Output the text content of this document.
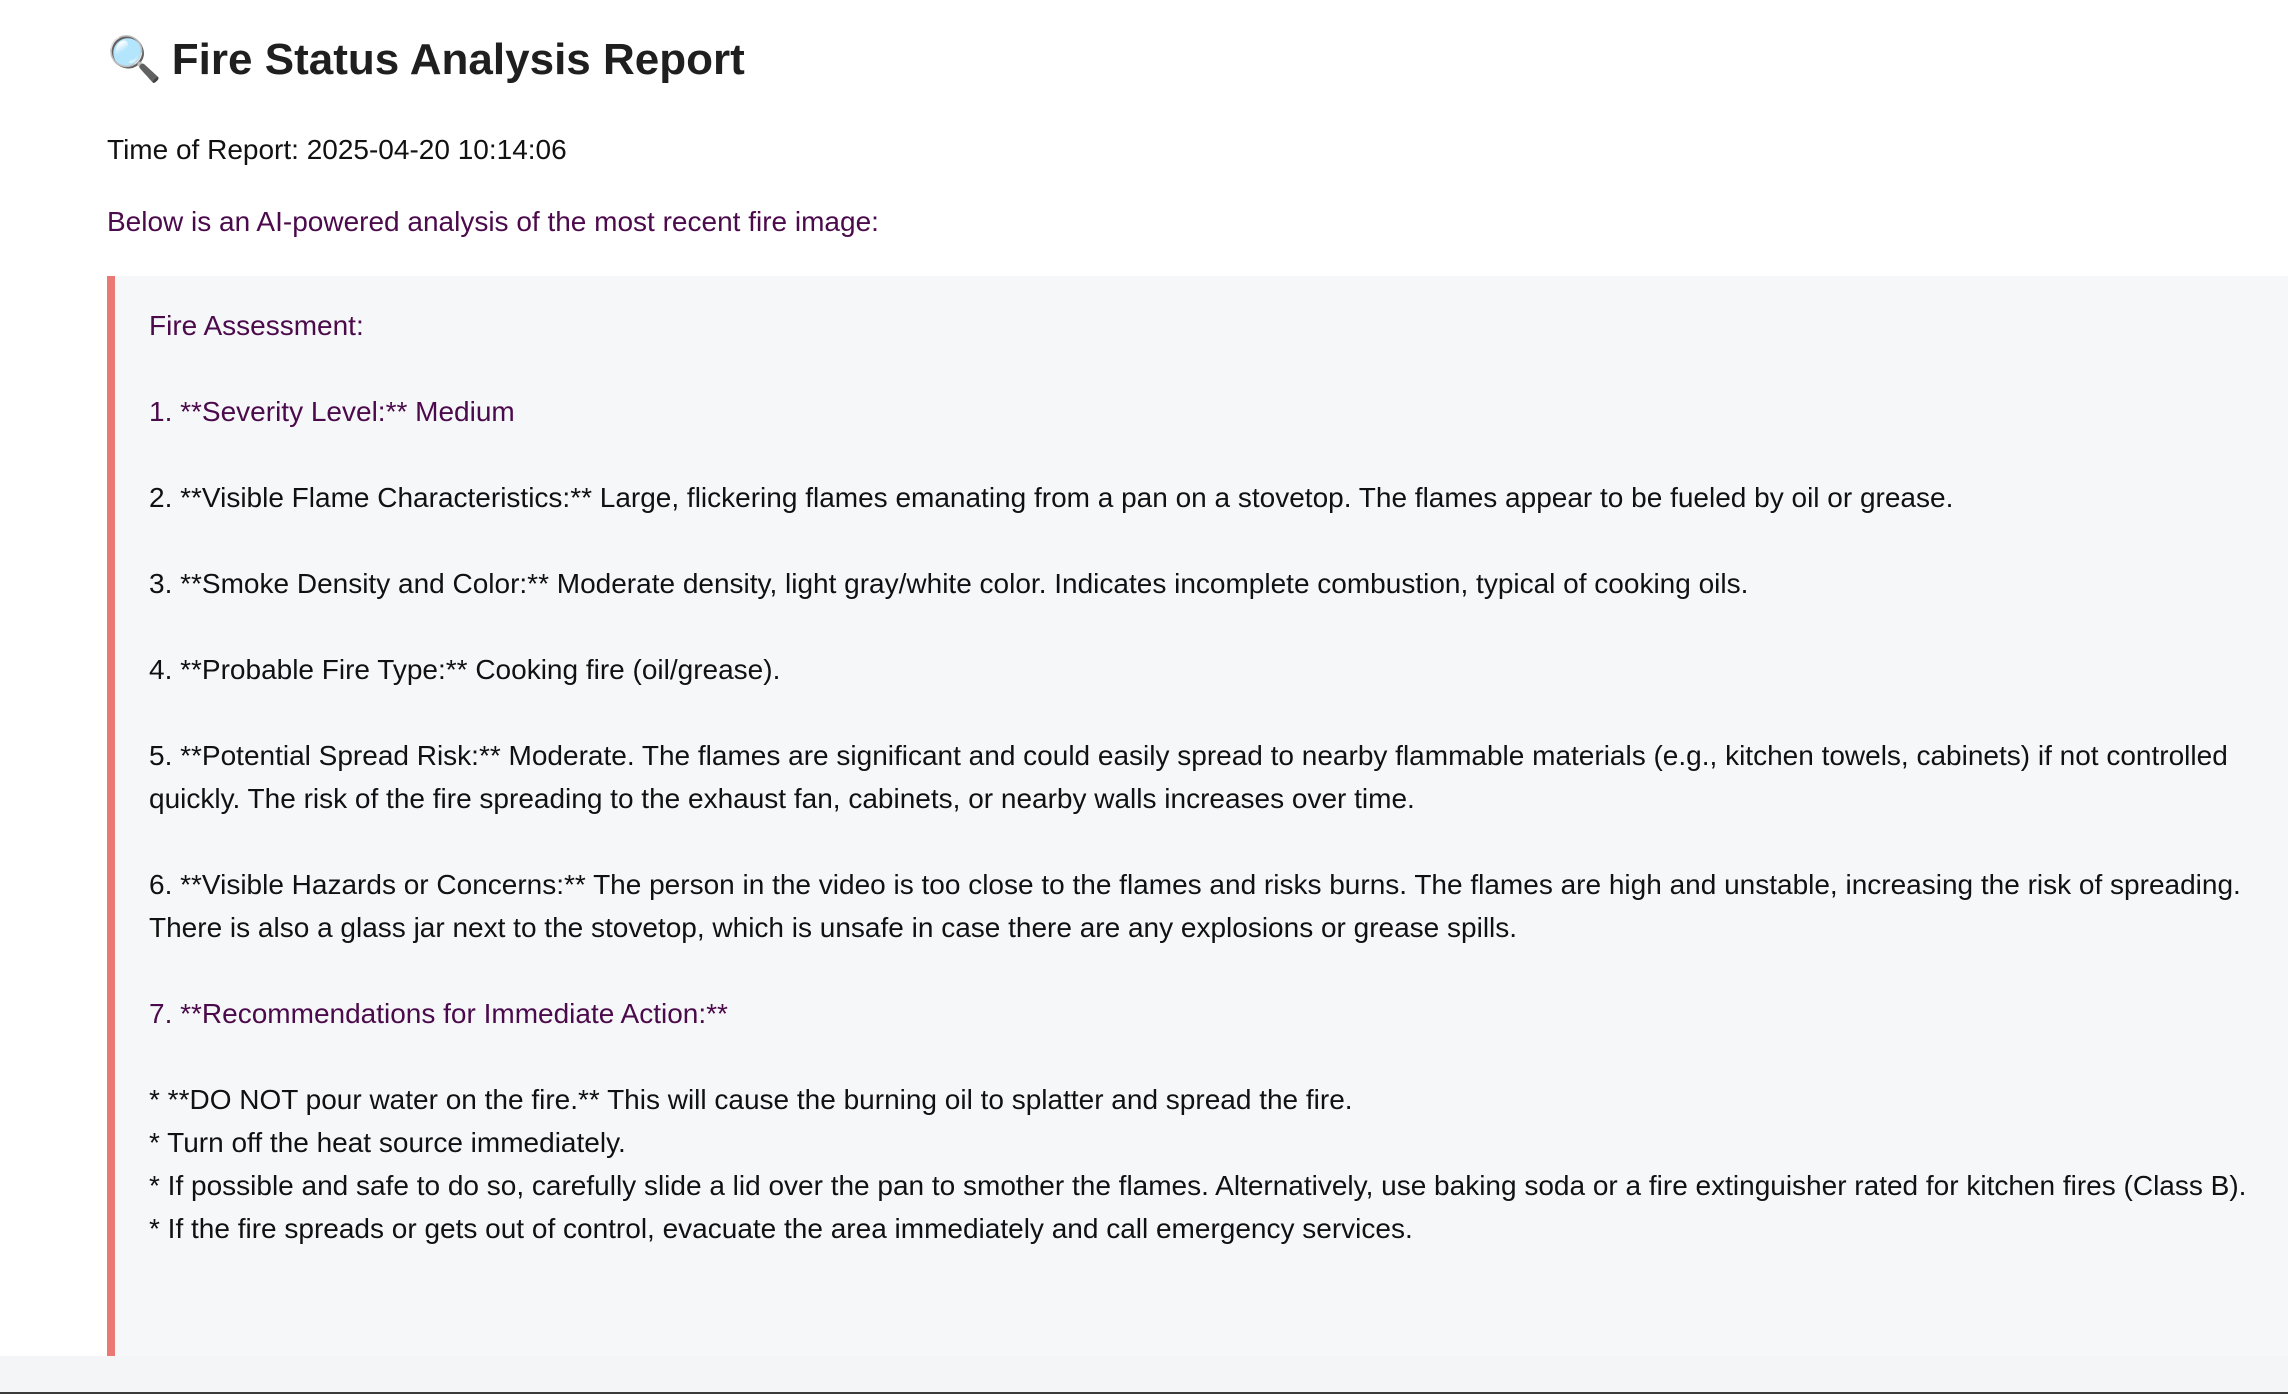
🔍 Fire Status Analysis Report
Time of Report: 2025-04-20 10:14:06
Below is an AI-powered analysis of the most recent fire image:

Fire Assessment:

1. **Severity Level:** Medium

2. **Visible Flame Characteristics:** Large, flickering flames emanating from a pan on a stovetop. The flames appear to be fueled by oil or grease.

3. **Smoke Density and Color:** Moderate density, light gray/white color. Indicates incomplete combustion, typical of cooking oils.

4. **Probable Fire Type:** Cooking fire (oil/grease).

5. **Potential Spread Risk:** Moderate. The flames are significant and could easily spread to nearby flammable materials (e.g., kitchen towels, cabinets) if not controlled quickly. The risk of the fire spreading to the exhaust fan, cabinets, or nearby walls increases over time.

6. **Visible Hazards or Concerns:** The person in the video is too close to the flames and risks burns. The flames are high and unstable, increasing the risk of spreading. There is also a glass jar next to the stovetop, which is unsafe in case there are any explosions or grease spills.

7. **Recommendations for Immediate Action:**

* **DO NOT pour water on the fire.** This will cause the burning oil to splatter and spread the fire.

* Turn off the heat source immediately.

* If possible and safe to do so, carefully slide a lid over the pan to smother the flames. Alternatively, use baking soda or a fire extinguisher rated for kitchen fires (Class B).

* If the fire spreads or gets out of control, evacuate the area immediately and call emergency services.
